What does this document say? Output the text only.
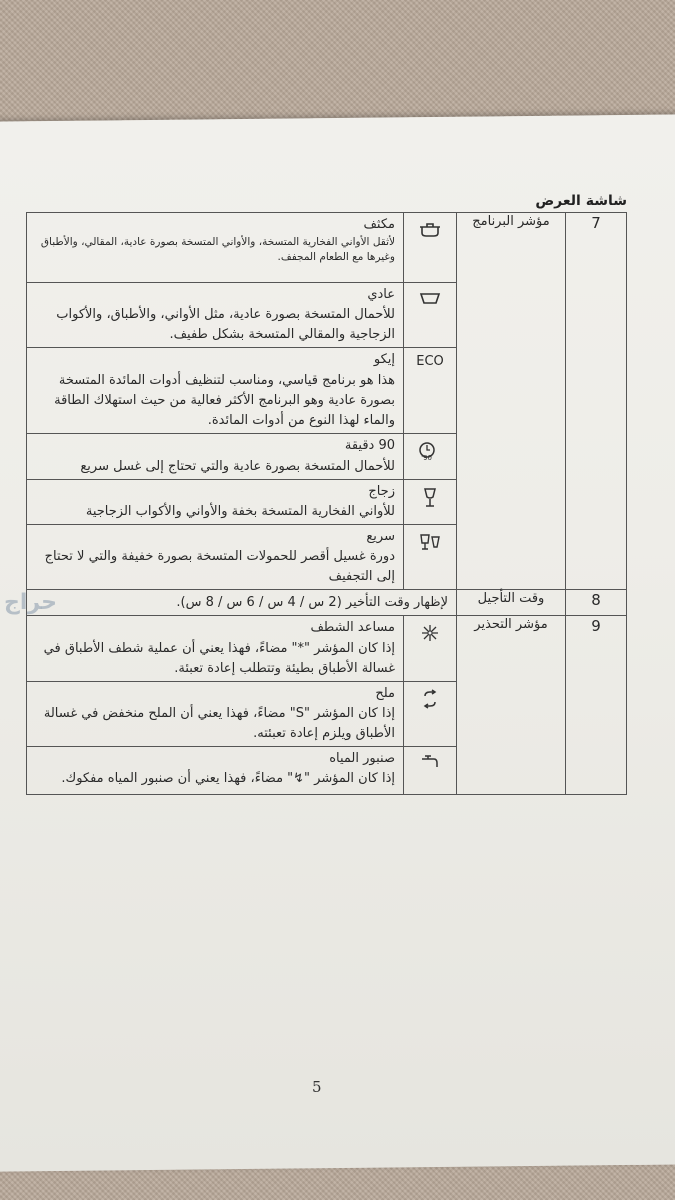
حراج
شاشة العرض
7	مؤشر البرنامج		مكثف
لأثقل الأواني الفخارية المتسخة، والأواني المتسخة بصورة عادية، المقالي، والأطباق وغيرها مع الطعام المجفف.

عادي
للأحمال المتسخة بصورة عادية، مثل الأواني، والأطباق، والأكواب الزجاجية والمقالي المتسخة بشكل طفيف.

		ECO	إيكو
هذا هو برنامج قياسي، ومناسب لتنظيف أدوات المائدة المتسخة بصورة عادية وهو البرنامج الأكثر فعالية من حيث استهلاك الطاقة والماء لهذا النوع من أدوات المائدة.

90'	90 دقيقة
للأحمال المتسخة بصورة عادية والتي تحتاج إلى غسل سريع

زجاج
للأواني الفخارية المتسخة بخفة والأواني والأكواب الزجاجية

سريع
دورة غسيل أقصر للحمولات المتسخة بصورة خفيفة والتي لا تحتاج إلى التجفيف

8	وقت التأجيل	لإظهار وقت التأخير (2 س / 4 س / 6 س / 8 س).	
9	مؤشر التحذير		مساعد الشطف
إذا كان المؤشر "*" مضاءً، فهذا يعني أن عملية شطف الأطباق في غسالة الأطباق بطيئة وتتطلب إعادة تعبئة.

ملح
إذا كان المؤشر "S" مضاءً، فهذا يعني أن الملح منخفض في غسالة الأطباق ويلزم إعادة تعبئته.

صنبور المياه
إذا كان المؤشر "↯" مضاءً، فهذا يعني أن صنبور المياه مفكوك.
5
